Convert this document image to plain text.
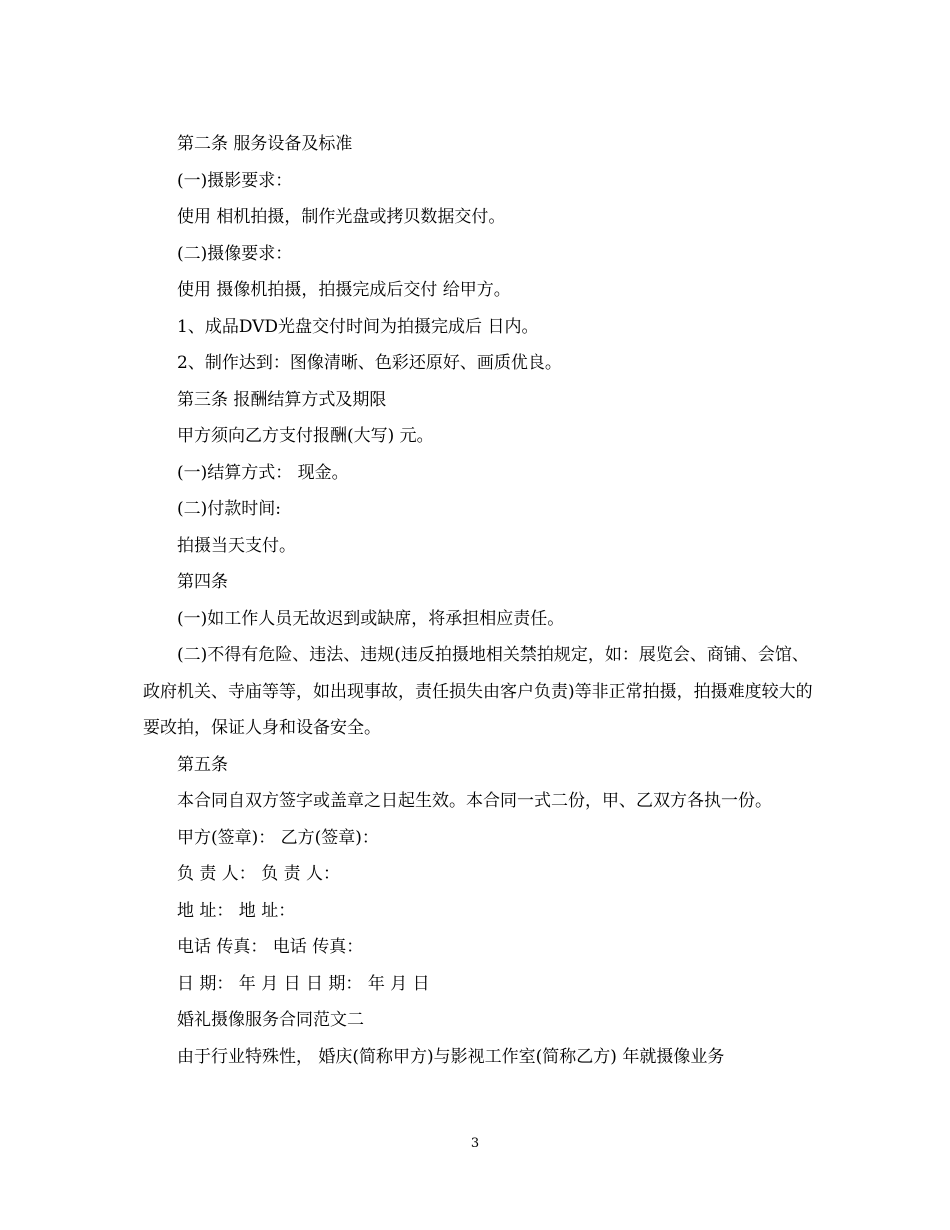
第二条 服务设备及标准

(一)摄影要求：

使用 相机拍摄，制作光盘或拷贝数据交付。

(二)摄像要求：

使用 摄像机拍摄，拍摄完成后交付 给甲方。

1、成品DVD光盘交付时间为拍摄完成后 日内。

2、制作达到：图像清晰、色彩还原好、画质优良。

第三条 报酬结算方式及期限

甲方须向乙方支付报酬(大写) 元。

(一)结算方式： 现金。

(二)付款时间:

拍摄当天支付。

第四条

(一)如工作人员无故迟到或缺席，将承担相应责任。

(二)不得有危险、违法、违规(违反拍摄地相关禁拍规定，如：展览会、商铺、会馆、政府机关、寺庙等等，如出现事故，责任损失由客户负责)等非正常拍摄，拍摄难度较大的要改拍，保证人身和设备安全。

第五条

本合同自双方签字或盖章之日起生效。本合同一式二份，甲、乙双方各执一份。

甲方(签章)： 乙方(签章)：

负 责 人： 负 责 人：

地 址： 地 址：

电话 传真： 电话 传真：

日 期： 年 月 日 日 期： 年 月 日

婚礼摄像服务合同范文二

由于行业特殊性， 婚庆(简称甲方)与影视工作室(简称乙方) 年就摄像业务

3
